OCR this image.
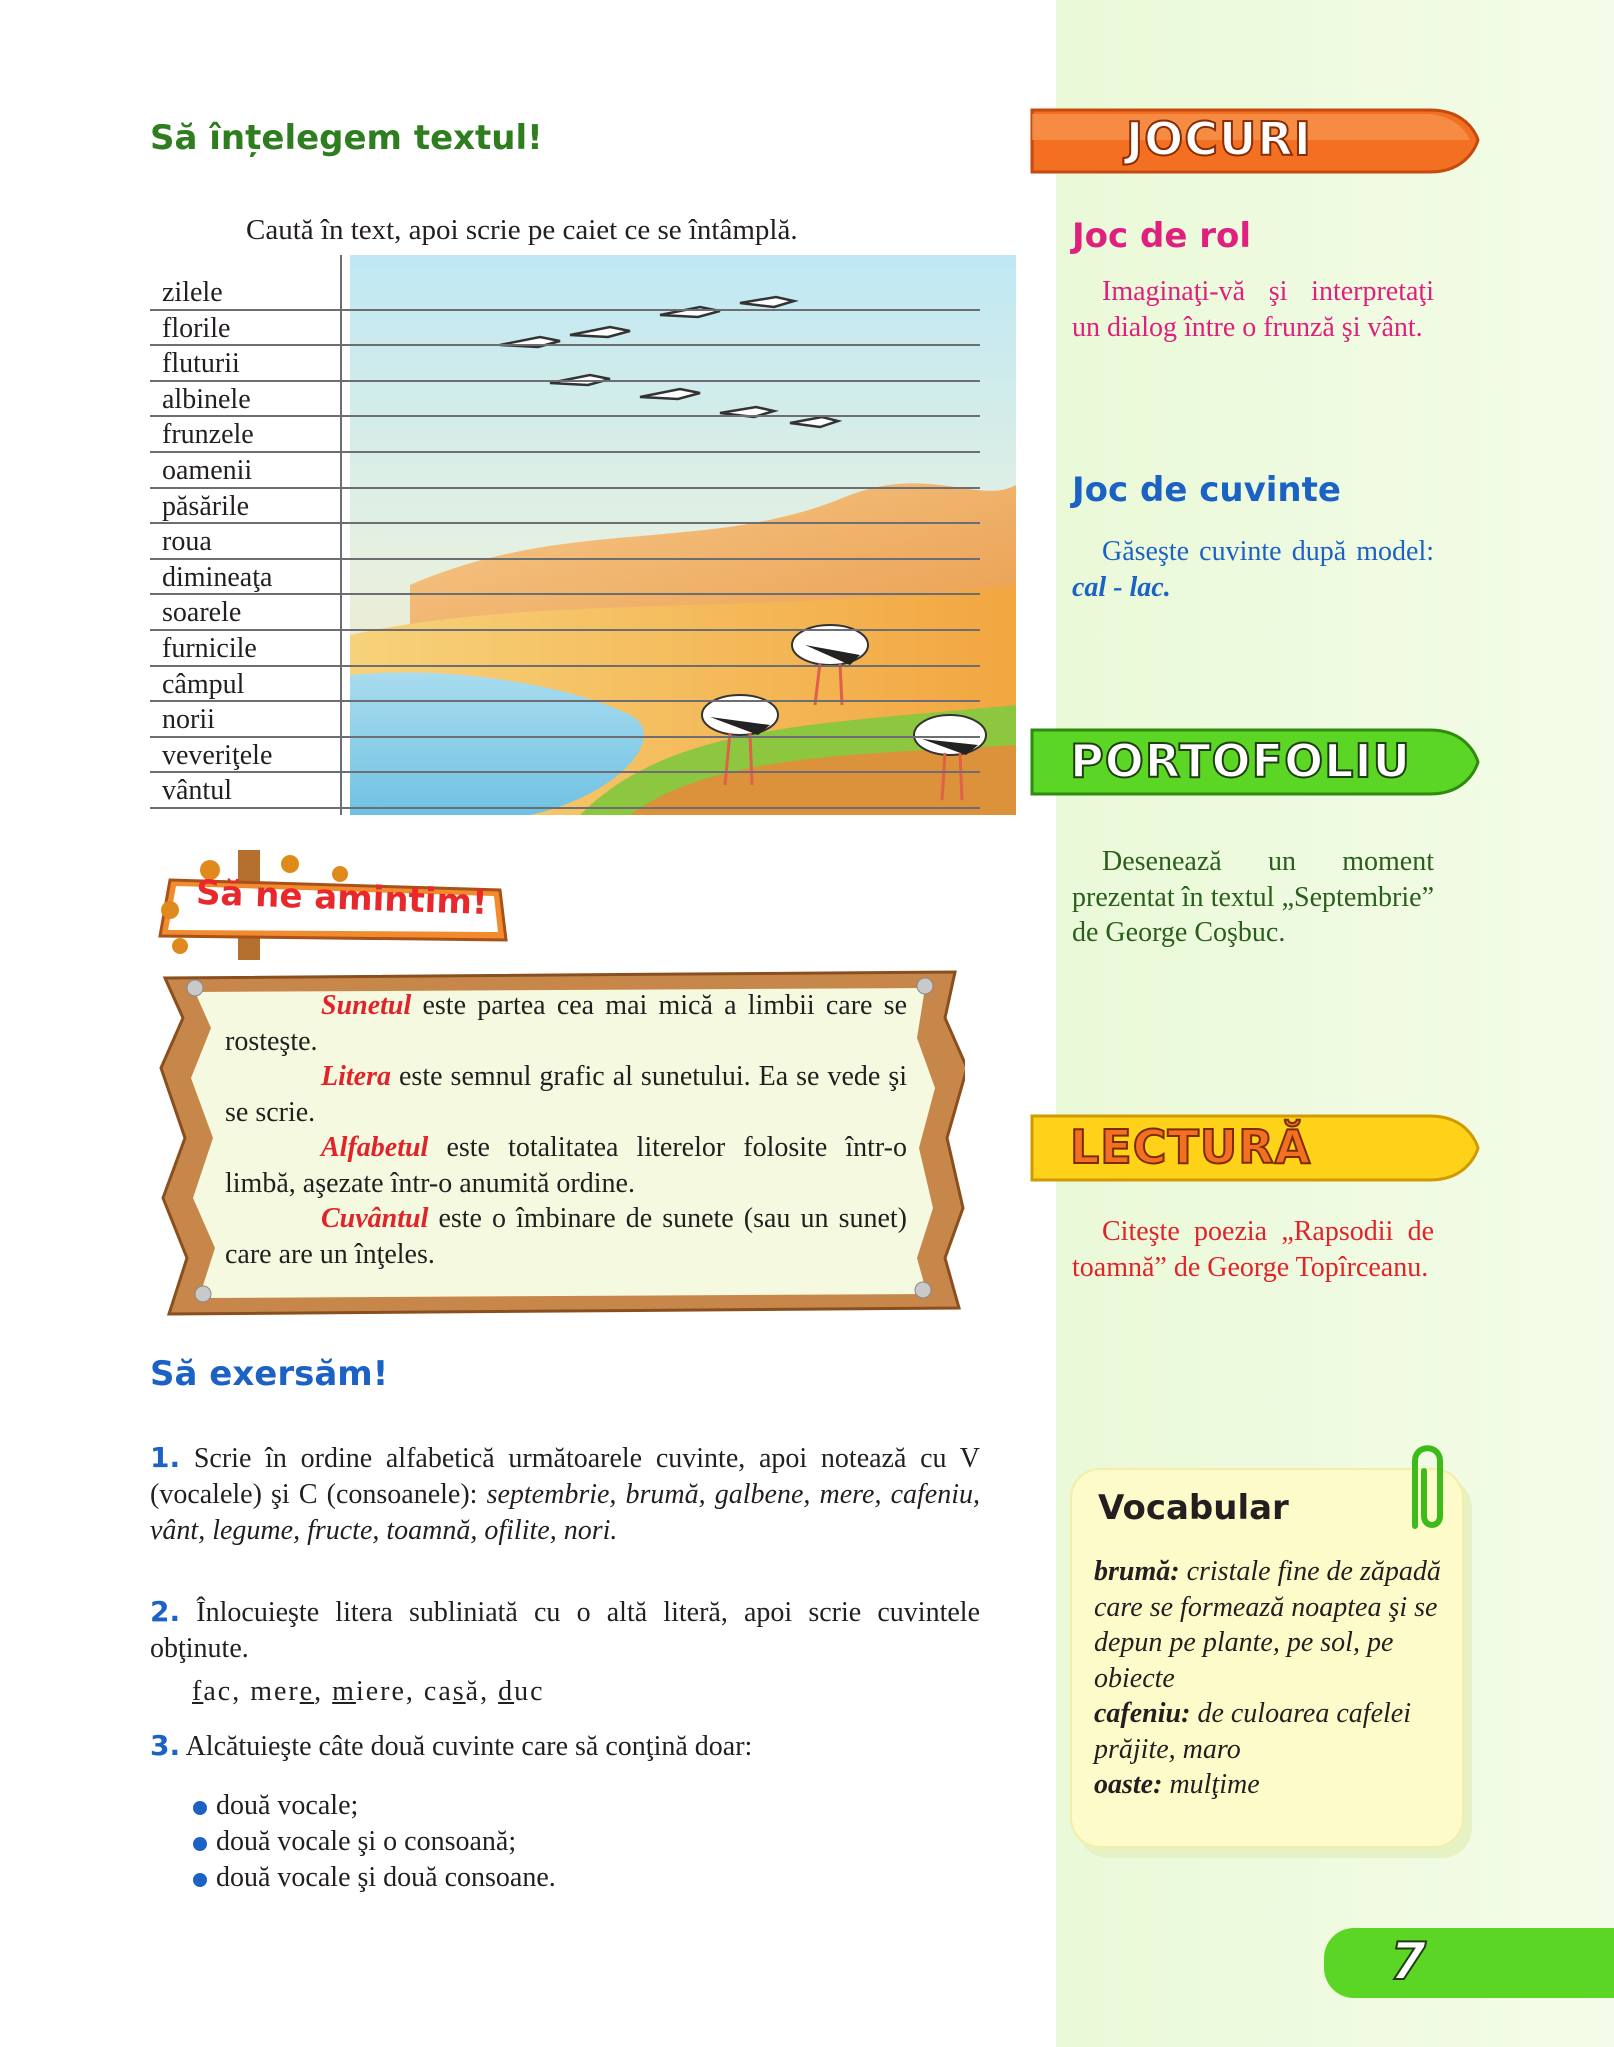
Să înțelegem textul!
Caută în text, apoi scrie pe caiet ce se întâmplă.
zilele
florile
fluturii
albinele
frunzele
oamenii
păsările
roua
dimineaţa
soarele
furnicile
câmpul
norii
veveriţele
vântul
Să ne amintim!

Sunetul este partea cea mai mică a limbii care se rosteşte.

Litera este semnul grafic al sunetului. Ea se vede şi se scrie.

Alfabetul este totalitatea literelor folosite într-o limbă, aşezate într-o anumită ordine.

Cuvântul este o îmbinare de sunete (sau un sunet) care are un înţeles.

Să exersăm!
1. Scrie în ordine alfabetică următoarele cuvinte, apoi notează cu V (vocalele) şi C (consoanele): septembrie, brumă, galbene, mere, cafeniu, vânt, legume, fructe, toamnă, ofilite, nori.
2. Înlocuieşte litera subliniată cu o altă literă, apoi scrie cuvintele obţinute.
fac, mere, miere, casă, duc
3. Alcătuieşte câte două cuvinte care să conţină doar:
două vocale;
două vocale şi o consoană;
două vocale şi două consoane.
JOCURI
Joc de rol
Imaginaţi-vă şi interpretaţi un dialog între o frunză şi vânt.
Joc de cuvinte
Găseşte cuvinte după model: cal - lac.
PORTOFOLIU
Desenează un moment prezentat în textul „Septembrie” de George Coşbuc.
LECTURĂ
Citeşte poezia „Rapsodii de toamnă” de George Topîrceanu.
Vocabular
brumă: cristale fine de zăpadă care se formează noaptea şi se depun pe plante, pe sol, pe obiecte
cafeniu: de culoarea cafelei prăjite, maro
oaste: mulţime
7
